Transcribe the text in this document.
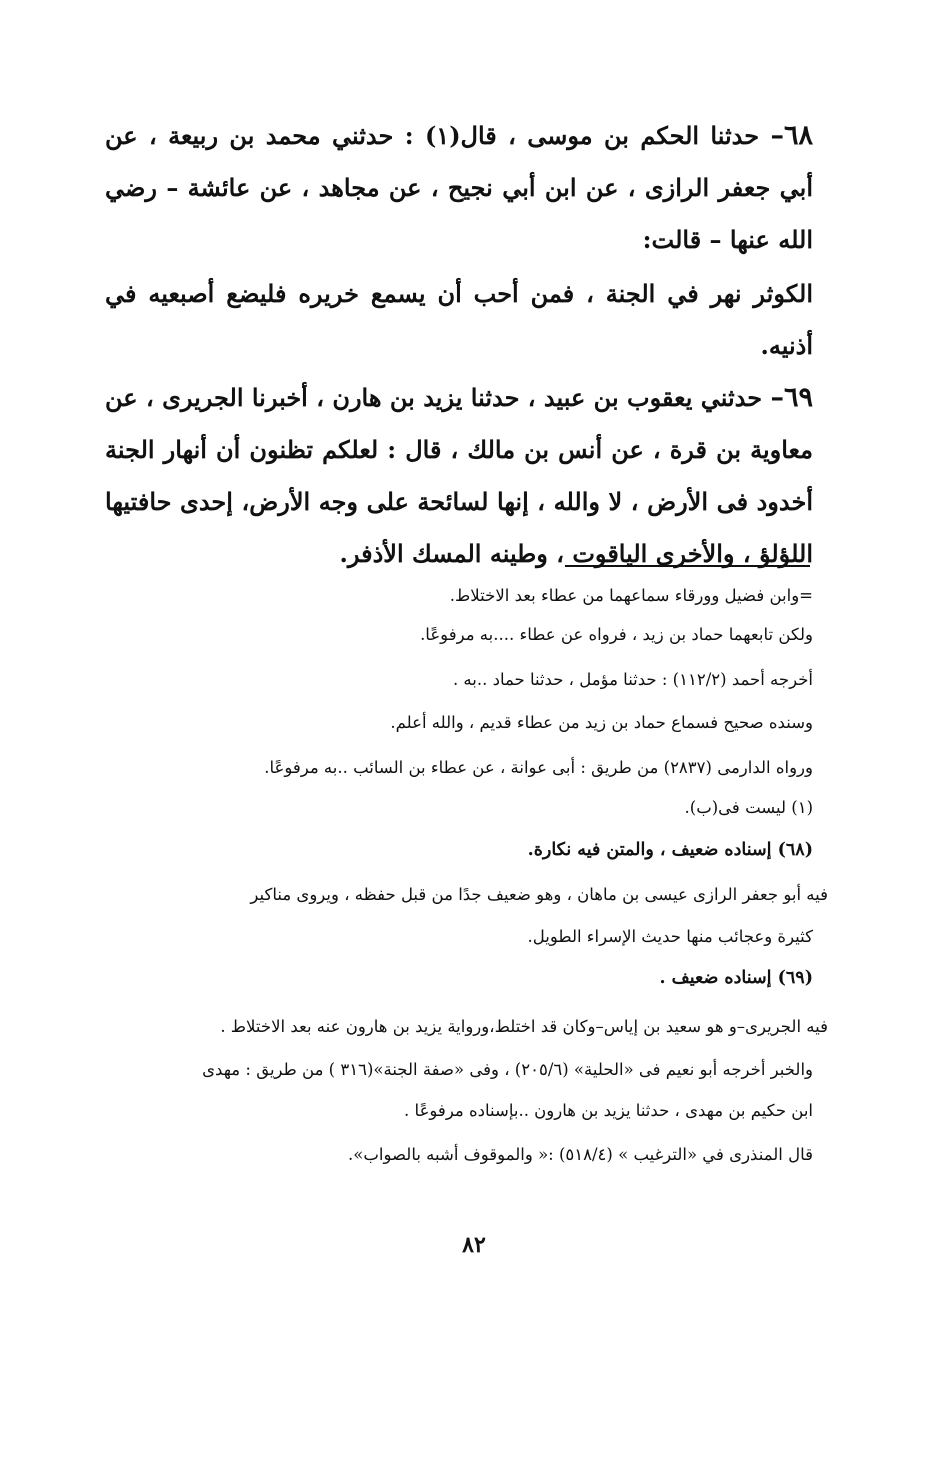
٦٨– حدثنا الحكم بن موسى ، قال(١) : حدثني محمد بن ربيعة ، عن أبي جعفر الرازى ، عن ابن أبي نجيح ، عن مجاهد ، عن عائشة – رضي الله عنها – قالت:
الكوثر نهر في الجنة ، فمن أحب أن يسمع خريره فليضع أصبعيه في أذنيه.
٦٩– حدثني يعقوب بن عبيد ، حدثنا يزيد بن هارن ، أخبرنا الجريرى ، عن معاوية بن قرة ، عن أنس بن مالك ، قال : لعلكم تظنون أن أنهار الجنة أخدود فى الأرض ، لا والله ، إنها لسائحة على وجه الأرض، إحدى حافتيها اللؤلؤ ، والأخرى الياقوت ، وطينه المسك الأذفر.
=وابن فضيل وورقاء سماعهما من عطاء بعد الاختلاط.
ولكن تابعهما حماد بن زيد ، فرواه عن عطاء ....به مرفوعًا.
أخرجه أحمد (١١٢/٢) : حدثنا مؤمل ، حدثنا حماد ..به .
وسنده صحيح فسماع حماد بن زيد من عطاء قديم ، والله أعلم.
ورواه الدارمى (٢٨٣٧) من طريق : أبى عوانة ، عن عطاء بن السائب ..به مرفوعًا.
(١) ليست فى(ب).
(٦٨) إسناده ضعيف ، والمتن فيه نكارة.
فيه أبو جعفر الرازى عيسى بن ماهان ، وهو ضعيف جدًا من قبل حفظه ، ويروى مناكير
كثيرة وعجائب منها حديث الإسراء الطويل.
(٦٩) إسناده ضعيف .
فيه الجريرى–و هو سعيد بن إياس–وكان قد اختلط،ورواية يزيد بن هارون عنه بعد الاختلاط .
والخبر أخرجه أبو نعيم فى «الحلية» (٢٠٥/٦) ، وفى «صفة الجنة»(٣١٦ ) من طريق : مهدى
ابن حكيم بن مهدى ، حدثنا يزيد بن هارون ..بإسناده مرفوعًا .
قال المنذرى في «الترغيب » (٥١٨/٤) :« والموقوف أشبه بالصواب».
٨٢
